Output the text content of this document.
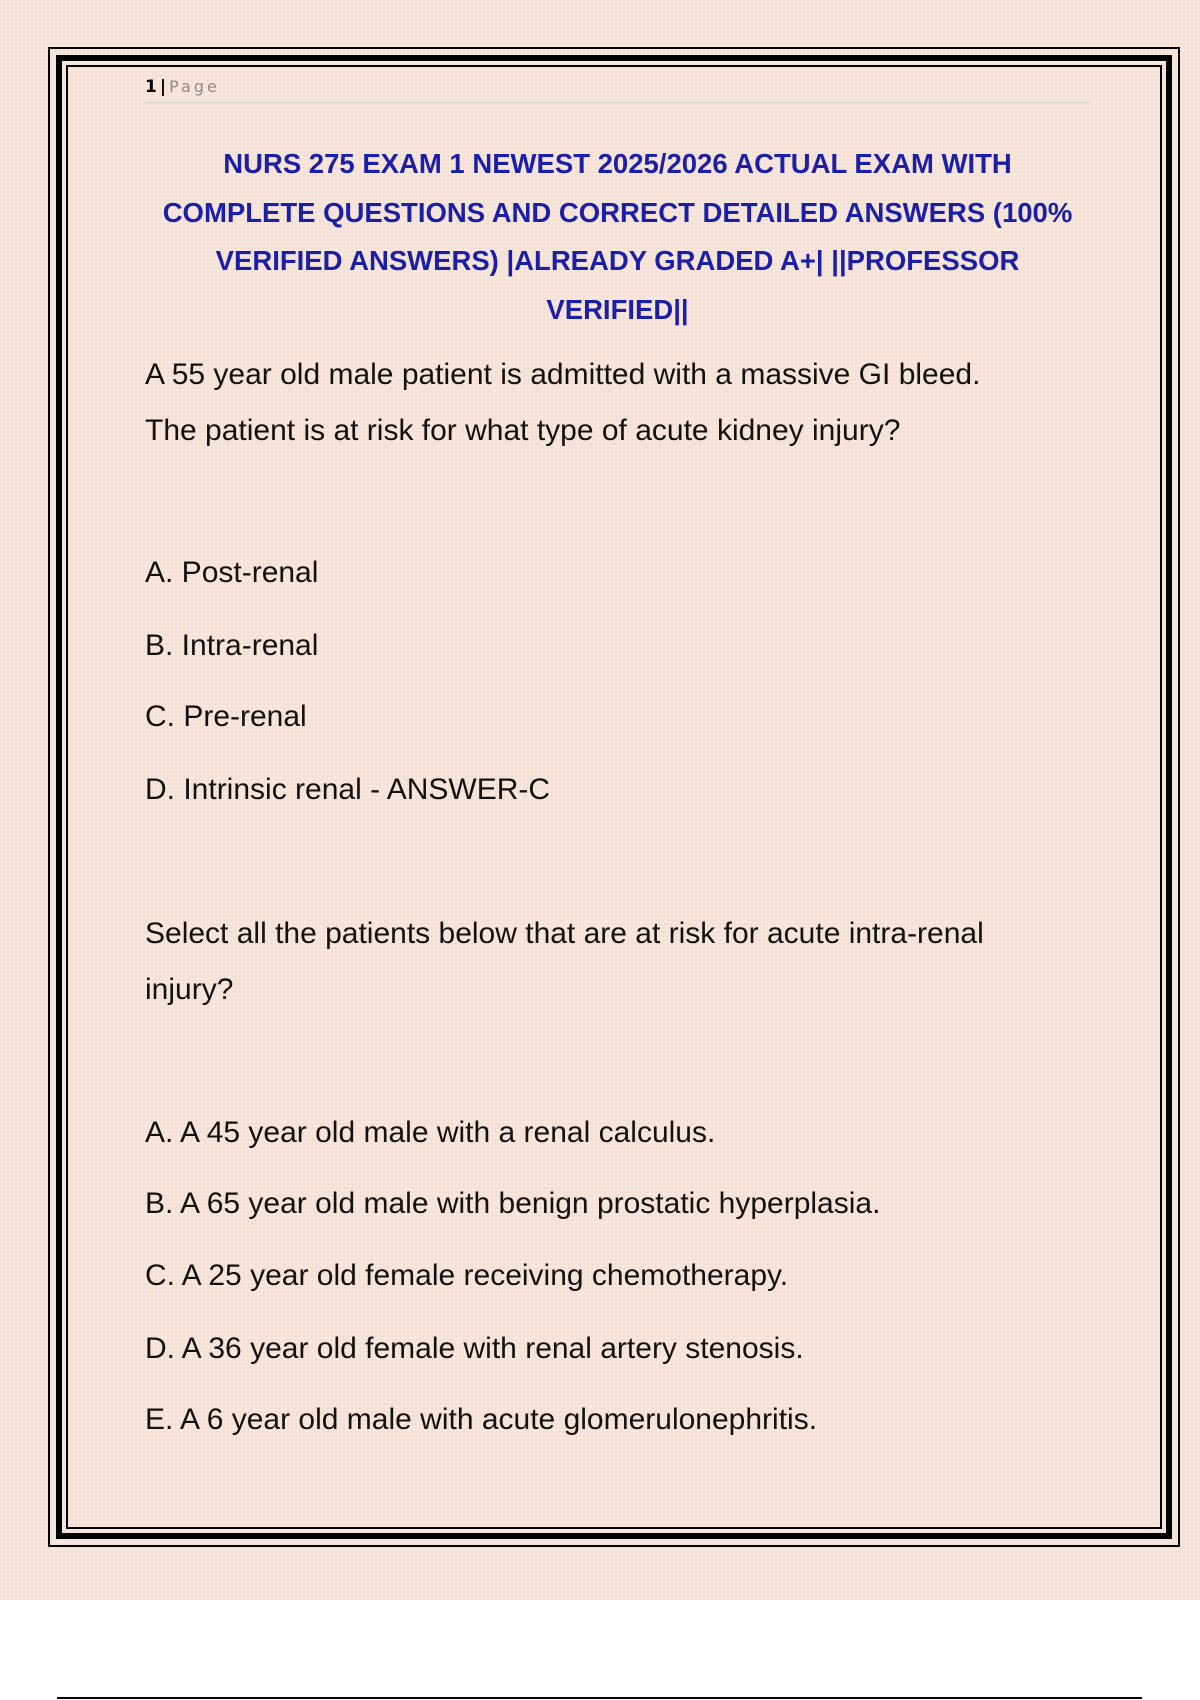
1 | Page
NURS 275 EXAM 1 NEWEST 2025/2026 ACTUAL EXAM WITH
COMPLETE QUESTIONS AND CORRECT DETAILED ANSWERS (100%
VERIFIED ANSWERS) |ALREADY GRADED A+| ||PROFESSOR
VERIFIED||
A 55 year old male patient is admitted with a massive GI bleed.
The patient is at risk for what type of acute kidney injury?
A. Post-renal
B. Intra-renal
C. Pre-renal
D. Intrinsic renal - ANSWER-C
Select all the patients below that are at risk for acute intra-renal
injury?
A. A 45 year old male with a renal calculus.
B. A 65 year old male with benign prostatic hyperplasia.
C. A 25 year old female receiving chemotherapy.
D. A 36 year old female with renal artery stenosis.
E. A 6 year old male with acute glomerulonephritis.
